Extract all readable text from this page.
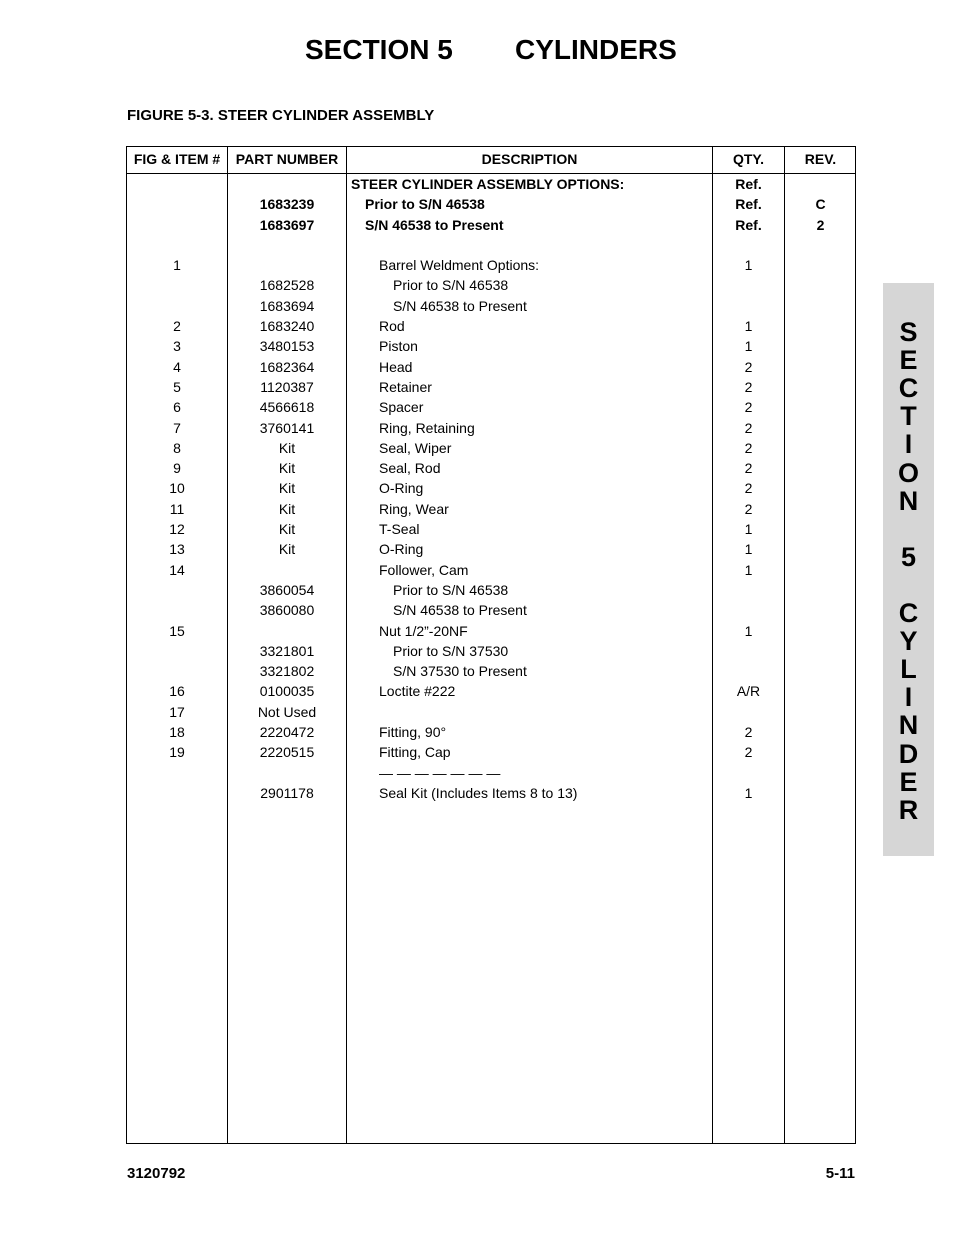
SECTION 5 CYLINDERS
FIGURE 5-3. STEER CYLINDER ASSEMBLY
FIG & ITEM #	PART NUMBER	DESCRIPTION	QTY.	REV.
STEER CYLINDER ASSEMBLY OPTIONS:	Ref.
1683239	Prior to S/N 46538	Ref.	C
1683697	S/N 46538 to Present	Ref.	2
1	Barrel Weldment Options:	1
1682528	Prior to S/N 46538
1683694	S/N 46538 to Present
2	1683240	Rod	1
3	3480153	Piston	1
4	1682364	Head	2
5	1120387	Retainer	2
6	4566618	Spacer	2
7	3760141	Ring, Retaining	2
8	Kit	Seal, Wiper	2
9	Kit	Seal, Rod	2
10	Kit	O-Ring	2
11	Kit	Ring, Wear	2
12	Kit	T-Seal	1
13	Kit	O-Ring	1
14	Follower, Cam	1
3860054	Prior to S/N 46538
3860080	S/N 46538 to Present
15	Nut 1/2”-20NF	1
3321801	Prior to S/N 37530
3321802	S/N 37530 to Present
16	0100035	Loctite #222	A/R
17	Not Used
18	2220472	Fitting, 90°	2
19	2220515	Fitting, Cap	2
— — — — — — —
2901178	Seal Kit (Includes Items 8 to 13)	1
3120792	5-11
S
E
C
T
I
O
N
5
C
Y
L
I
N
D
E
R
